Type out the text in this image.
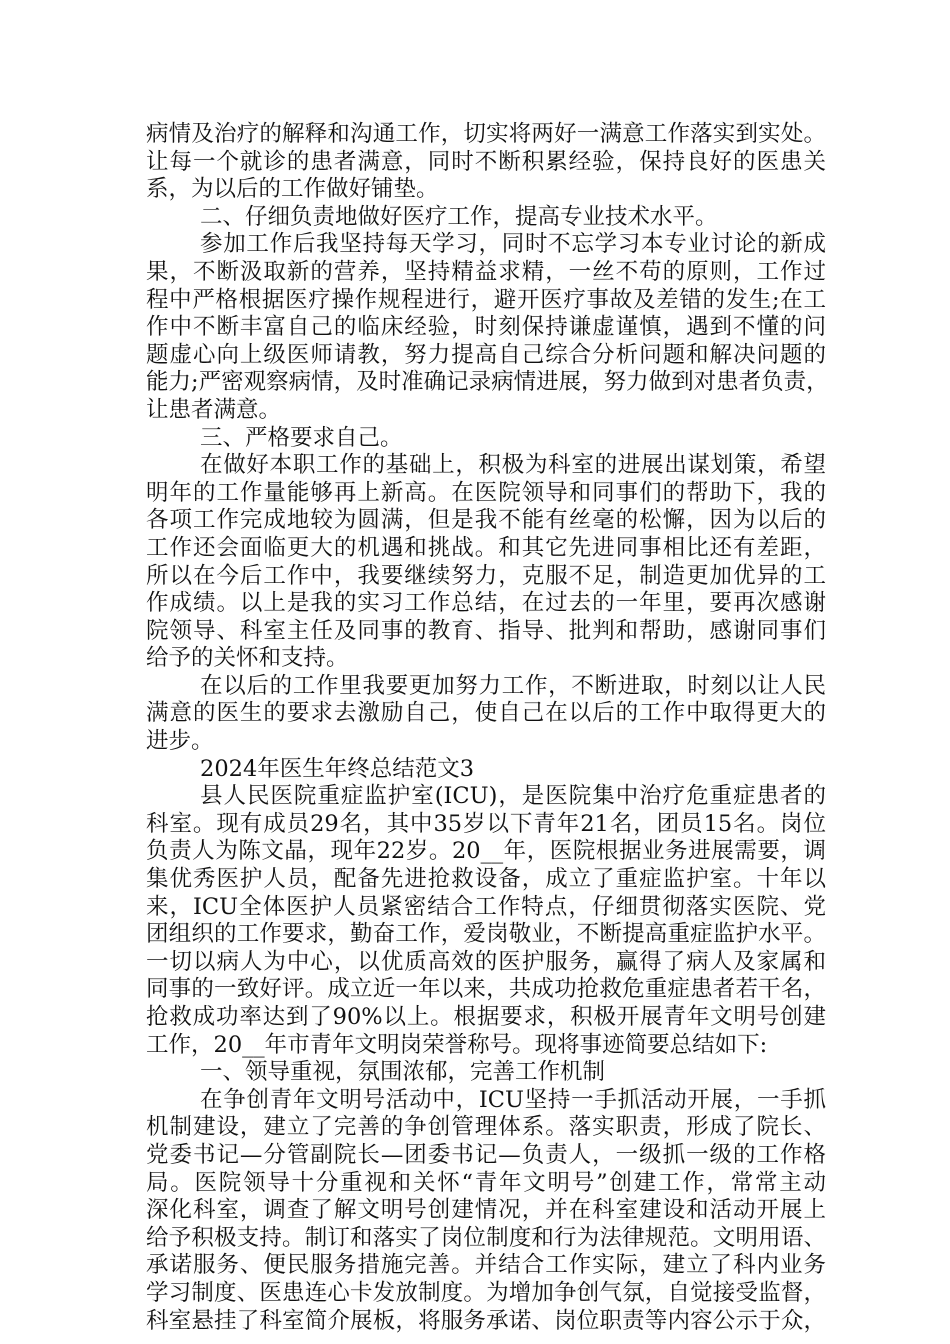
病情及治疗的解释和沟通工作，切实将两好一满意工作落实到实处。
让每一个就诊的患者满意，同时不断积累经验，保持良好的医患关
系，为以后的工作做好铺垫。
二、仔细负责地做好医疗工作，提高专业技术水平。
参加工作后我坚持每天学习，同时不忘学习本专业讨论的新成
果，不断汲取新的营养，坚持精益求精，一丝不苟的原则，工作过
程中严格根据医疗操作规程进行，避开医疗事故及差错的发生;在工
作中不断丰富自己的临床经验，时刻保持谦虚谨慎，遇到不懂的问
题虚心向上级医师请教，努力提高自己综合分析问题和解决问题的
能力;严密观察病情，及时准确记录病情进展，努力做到对患者负责，
让患者满意。
三、严格要求自己。
在做好本职工作的基础上，积极为科室的进展出谋划策，希望
明年的工作量能够再上新高。在医院领导和同事们的帮助下，我的
各项工作完成地较为圆满，但是我不能有丝毫的松懈，因为以后的
工作还会面临更大的机遇和挑战。和其它先进同事相比还有差距，
所以在今后工作中，我要继续努力，克服不足，制造更加优异的工
作成绩。以上是我的实习工作总结，在过去的一年里，要再次感谢
院领导、科室主任及同事的教育、指导、批判和帮助，感谢同事们
给予的关怀和支持。
在以后的工作里我要更加努力工作，不断进取，时刻以让人民
满意的医生的要求去激励自己，使自己在以后的工作中取得更大的
进步。
2024年医生年终总结范文3
县人民医院重症监护室(ICU)，是医院集中治疗危重症患者的
科室。现有成员29名，其中35岁以下青年21名，团员15名。岗位
负责人为陈文晶，现年22岁。20__年，医院根据业务进展需要，调
集优秀医护人员，配备先进抢救设备，成立了重症监护室。十年以
来，ICU全体医护人员紧密结合工作特点，仔细贯彻落实医院、党
团组织的工作要求，勤奋工作，爱岗敬业，不断提高重症监护水平。
一切以病人为中心，以优质高效的医护服务，赢得了病人及家属和
同事的一致好评。成立近一年以来，共成功抢救危重症患者若干名，
抢救成功率达到了90%以上。根据要求，积极开展青年文明号创建
工作，20__年市青年文明岗荣誉称号。现将事迹简要总结如下:
一、领导重视，氛围浓郁，完善工作机制
在争创青年文明号活动中，ICU坚持一手抓活动开展，一手抓
机制建设，建立了完善的争创管理体系。落实职责，形成了院长、
党委书记—分管副院长—团委书记—负责人，一级抓一级的工作格
局。医院领导十分重视和关怀“青年文明号”创建工作，常常主动
深化科室，调查了解文明号创建情况，并在科室建设和活动开展上
给予积极支持。制订和落实了岗位制度和行为法律规范。文明用语、
承诺服务、便民服务措施完善。并结合工作实际，建立了科内业务
学习制度、医患连心卡发放制度。为增加争创气氛，自觉接受监督，
科室悬挂了科室简介展板，将服务承诺、岗位职责等内容公示于众，
